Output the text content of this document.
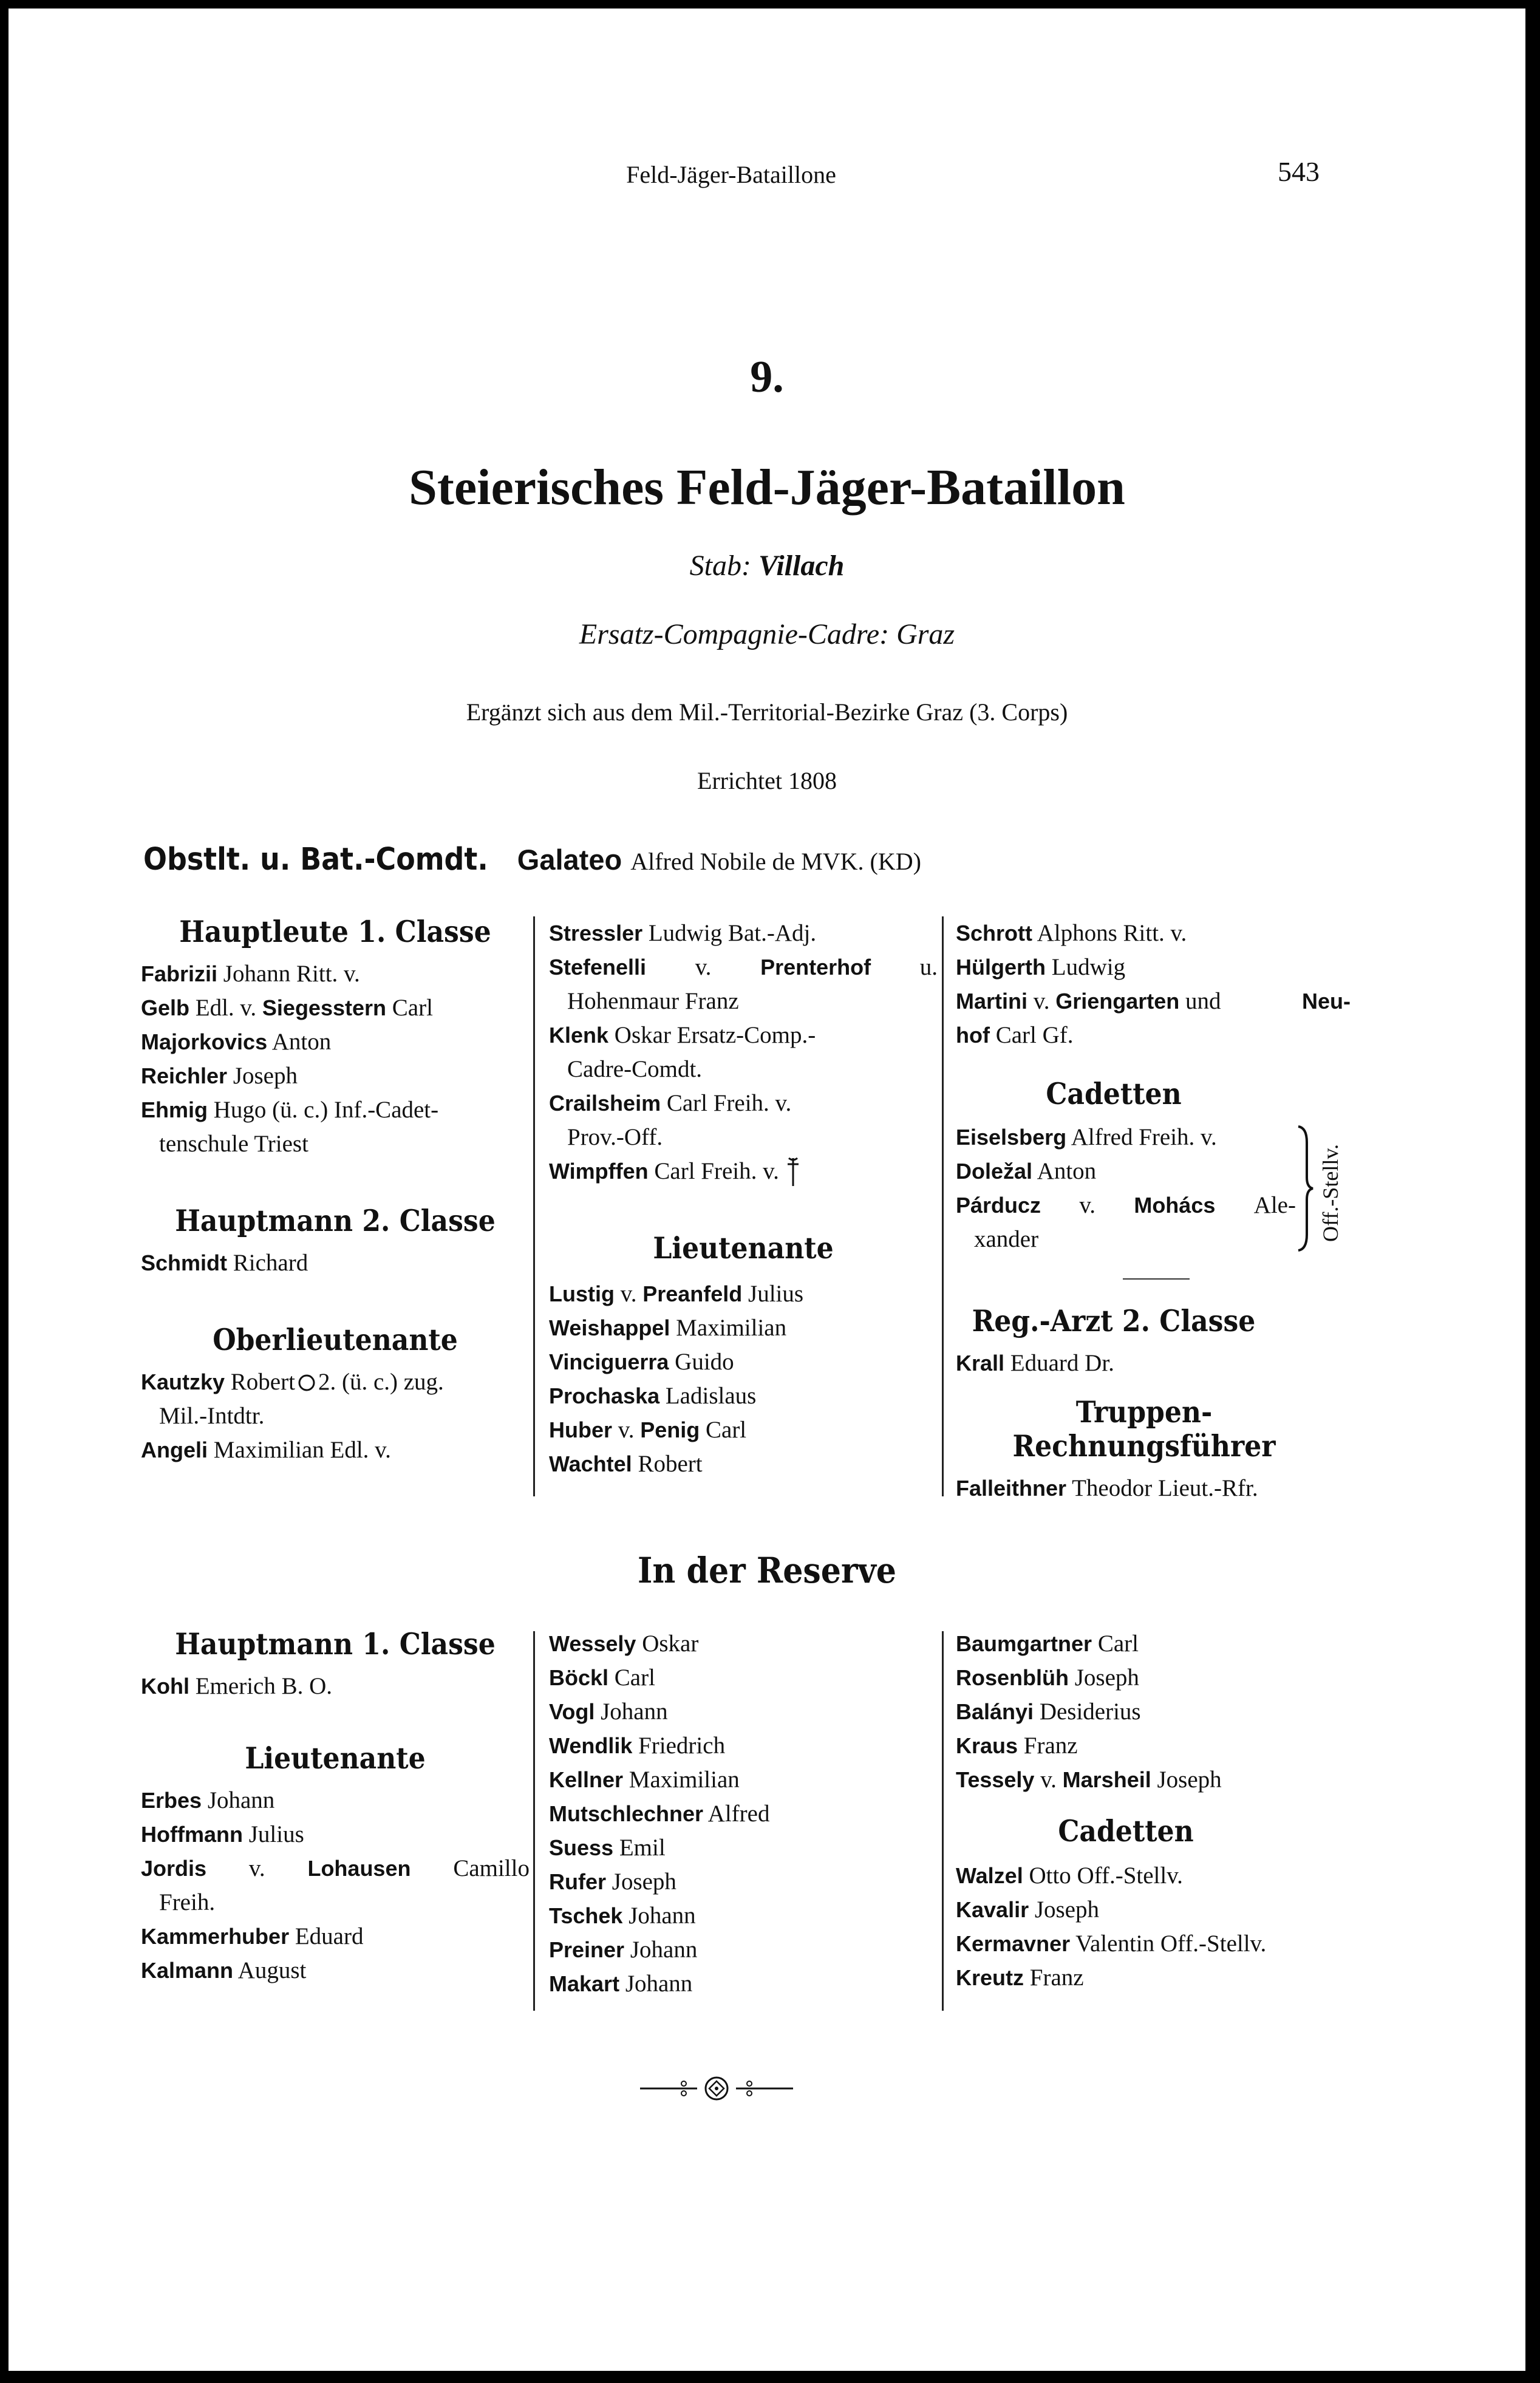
Feld-Jäger-Bataillone	543
9.
Steierisches Feld-Jäger-Bataillon
Stab: Villach
Ersatz-Compagnie-Cadre: Graz
Ergänzt sich aus dem Mil.-Territorial-Bezirke Graz (3. Corps)
Errichtet 1808
Obstlt. u. Bat.-Comdt. Galateo Alfred Nobile de MVK. (KD)
Hauptleute 1. Classe
Fabrizii Johann Ritt. v.
Gelb Edl. v. Siegesstern Carl
Majorkovics Anton
Reichler Joseph
Ehmig Hugo (ü. c.) Inf.-Cadet-
tenschule Triest
Hauptmann 2. Classe
Schmidt Richard
Oberlieutenante
Kautzky Robert 2. (ü. c.) zug.
Mil.-Intdtr.
Angeli Maximilian Edl. v.
Stressler Ludwig Bat.-Adj.
Stefenelli v. Prenterhof u.
Hohenmaur Franz
Klenk Oskar Ersatz-Comp.-
Cadre-Comdt.
Crailsheim Carl Freih. v.
Prov.-Off.
Wimpffen Carl Freih. v.
Lieutenante
Lustig v. Preanfeld Julius
Weishappel Maximilian
Vinciguerra Guido
Prochaska Ladislaus
Huber v. Penig Carl
Wachtel Robert
Schrott Alphons Ritt. v.
Hülgerth Ludwig
Martini v. Griengarten und	Neu-
hof Carl Gf.
Cadetten
Eiselsberg Alfred Freih. v.
Doležal Anton
Párducz v. Mohács Ale-
xander	Off.-Stellv.
Reg.-Arzt 2. Classe
Krall Eduard Dr.
Truppen-Rechnungsführer
Falleithner Theodor Lieut.-Rfr.
In der Reserve
Hauptmann 1. Classe
Kohl Emerich B. O.
Lieutenante
Erbes Johann
Hoffmann Julius
Jordis v. Lohausen Camillo
Freih.
Kammerhuber Eduard
Kalmann August
Wessely Oskar
Böckl Carl
Vogl Johann
Wendlik Friedrich
Kellner Maximilian
Mutschlechner Alfred
Suess Emil
Rufer Joseph
Tschek Johann
Preiner Johann
Makart Johann
Baumgartner Carl
Rosenblüh Joseph
Balányi Desiderius
Kraus Franz
Tessely v. Marsheil Joseph
Cadetten
Walzel Otto Off.-Stellv.
Kavalir Joseph
Kermavner Valentin Off.-Stellv.
Kreutz Franz
